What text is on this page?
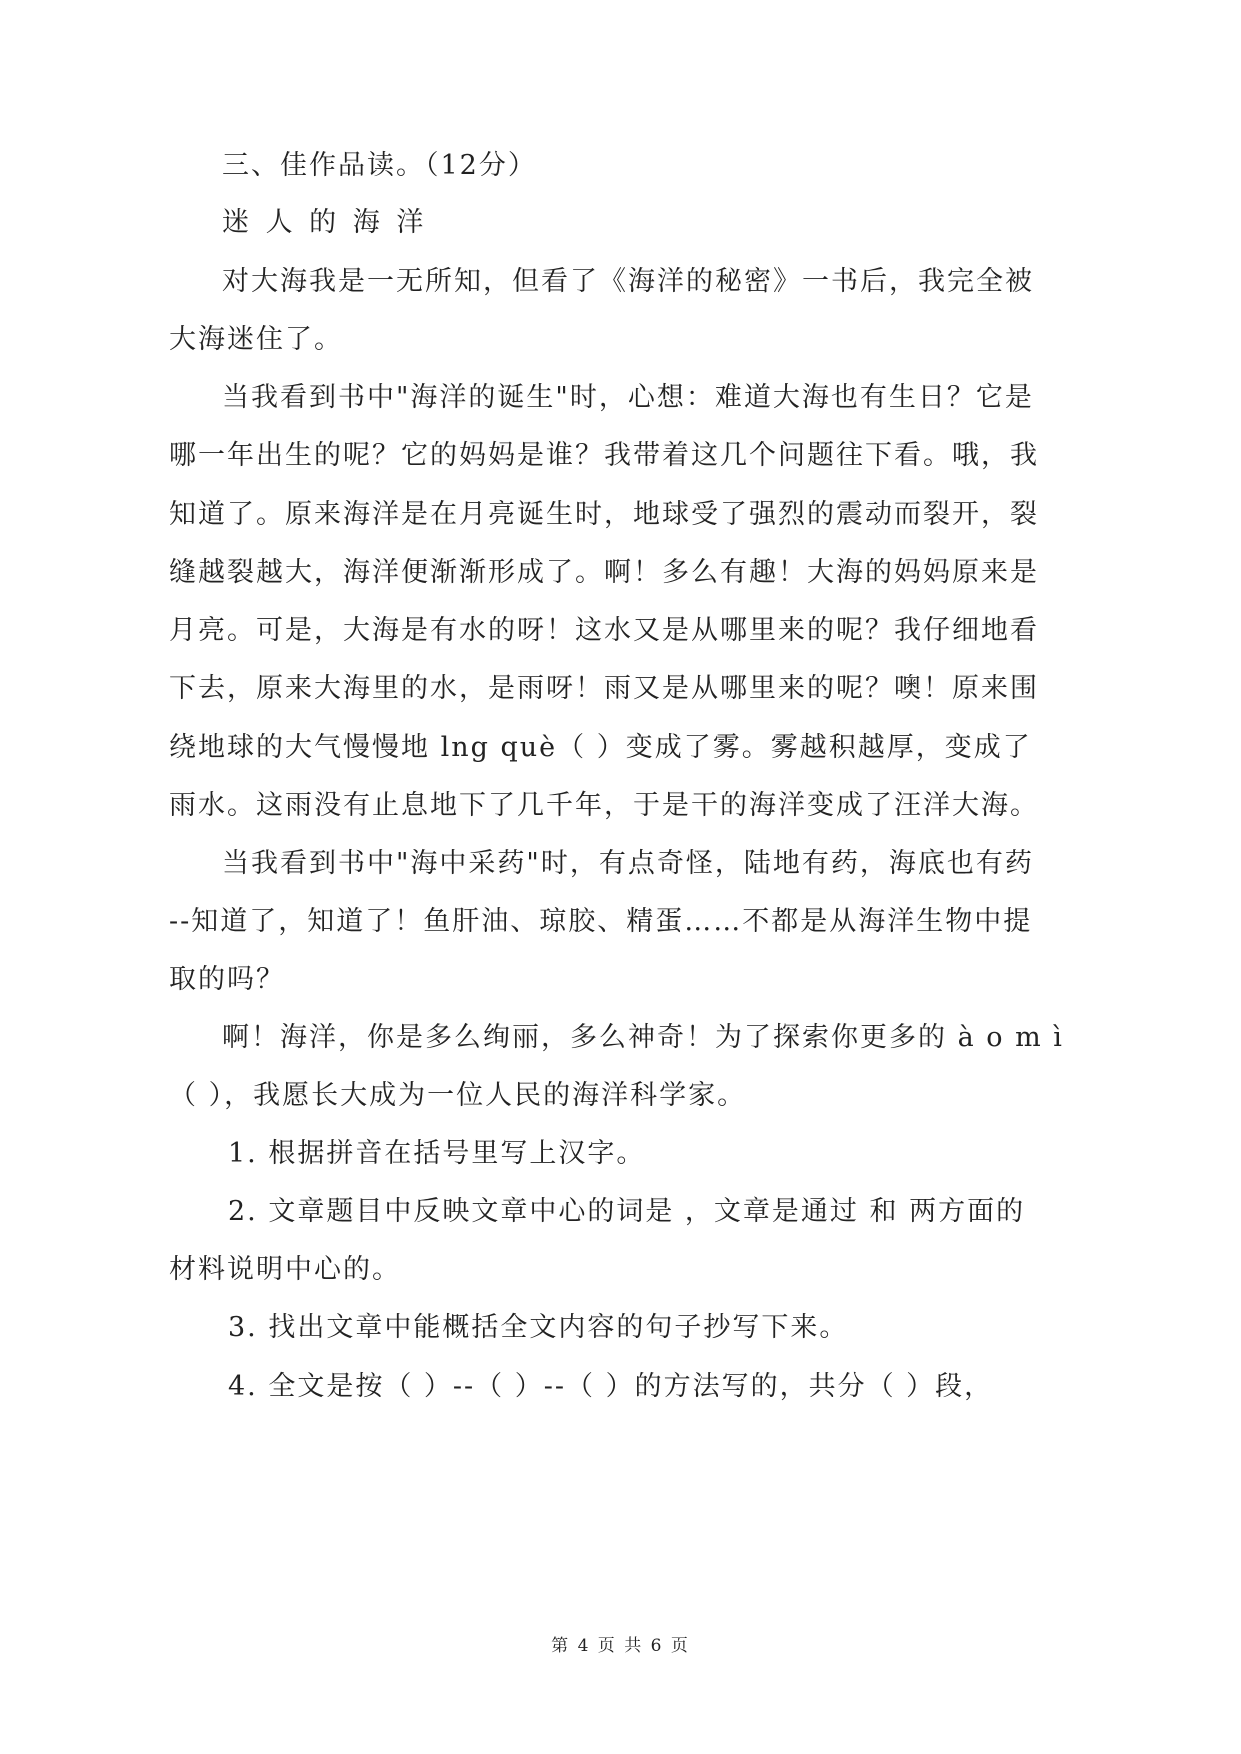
三、佳作品读。（12分）
迷 人 的 海 洋
对大海我是一无所知，但看了《海洋的秘密》一书后，我完全被
大海迷住了。
当我看到书中"海洋的诞生"时，心想：难道大海也有生日？它是
哪一年出生的呢？它的妈妈是谁？我带着这几个问题往下看。哦，我
知道了。原来海洋是在月亮诞生时，地球受了强烈的震动而裂开，裂
缝越裂越大，海洋便渐渐形成了。啊！多么有趣！大海的妈妈原来是
月亮。可是，大海是有水的呀！这水又是从哪里来的呢？我仔细地看
下去，原来大海里的水，是雨呀！雨又是从哪里来的呢？噢！原来围
绕地球的大气慢慢地 lng què（ ）变成了雾。雾越积越厚，变成了
雨水。这雨没有止息地下了几千年，于是干的海洋变成了汪洋大海。
当我看到书中"海中采药"时，有点奇怪，陆地有药，海底也有药
--知道了，知道了！鱼肝油、琼胶、精蛋……不都是从海洋生物中提
取的吗？
啊！海洋，你是多么绚丽，多么神奇！为了探索你更多的 à o m ì
（ ），我愿长大成为一位人民的海洋科学家。
1. 根据拼音在括号里写上汉字。
2. 文章题目中反映文章中心的词是 ，文章是通过 和 两方面的
材料说明中心的。
3. 找出文章中能概括全文内容的句子抄写下来。
4. 全文是按（ ）--（ ）--（ ）的方法写的，共分（ ）段，
第 4 页 共 6 页
